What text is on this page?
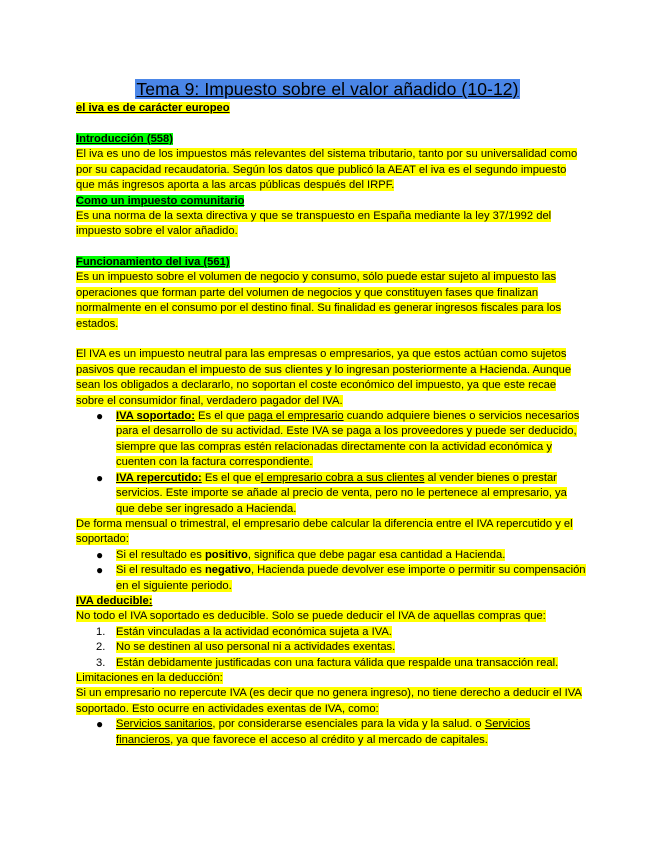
Tema 9: Impuesto sobre el valor añadido (10-12)

el iva es de carácter europeo

Introducción (558)

El iva es uno de los impuestos más relevantes del sistema tributario, tanto por su universalidad como por su capacidad recaudatoria. Según los datos que publicó la AEAT el iva es el segundo impuesto que más ingresos aporta a las arcas públicas después del IRPF.

Como un impuesto comunitario

Es una norma de la sexta directiva y que se transpuesto en España mediante la ley 37/1992 del impuesto sobre el valor añadido.

Funcionamiento del iva (561)

Es un impuesto sobre el volumen de negocio y consumo, sólo puede estar sujeto al impuesto las operaciones que forman parte del volumen de negocios y que constituyen fases que finalizan normalmente en el consumo por el destino final. Su finalidad es generar ingresos fiscales para los estados.

El IVA es un impuesto neutral para las empresas o empresarios, ya que estos actúan como sujetos pasivos que recaudan el impuesto de sus clientes y lo ingresan posteriormente a Hacienda. Aunque sean los obligados a declararlo, no soportan el coste económico del impuesto, ya que este recae sobre el consumidor final, verdadero pagador del IVA.

● IVA soportado: Es el que paga el empresario cuando adquiere bienes o servicios necesarios para el desarrollo de su actividad. Este IVA se paga a los proveedores y puede ser deducido, siempre que las compras estén relacionadas directamente con la actividad económica y cuenten con la factura correspondiente.
● IVA repercutido: Es el que el empresario cobra a sus clientes al vender bienes o prestar servicios. Este importe se añade al precio de venta, pero no le pertenece al empresario, ya que debe ser ingresado a Hacienda.

De forma mensual o trimestral, el empresario debe calcular la diferencia entre el IVA repercutido y el soportado:

● Si el resultado es positivo, significa que debe pagar esa cantidad a Hacienda.
● Si el resultado es negativo, Hacienda puede devolver ese importe o permitir su compensación en el siguiente periodo.

IVA deducible:

No todo el IVA soportado es deducible. Solo se puede deducir el IVA de aquellas compras que:

1. Están vinculadas a la actividad económica sujeta a IVA.
2. No se destinen al uso personal ni a actividades exentas.
3. Están debidamente justificadas con una factura válida que respalde una transacción real.

Limitaciones en la deducción:

Si un empresario no repercute IVA (es decir que no genera ingreso), no tiene derecho a deducir el IVA soportado. Esto ocurre en actividades exentas de IVA, como:

● Servicios sanitarios, por considerarse esenciales para la vida y la salud. o Servicios financieros, ya que favorece el acceso al crédito y al mercado de capitales.
